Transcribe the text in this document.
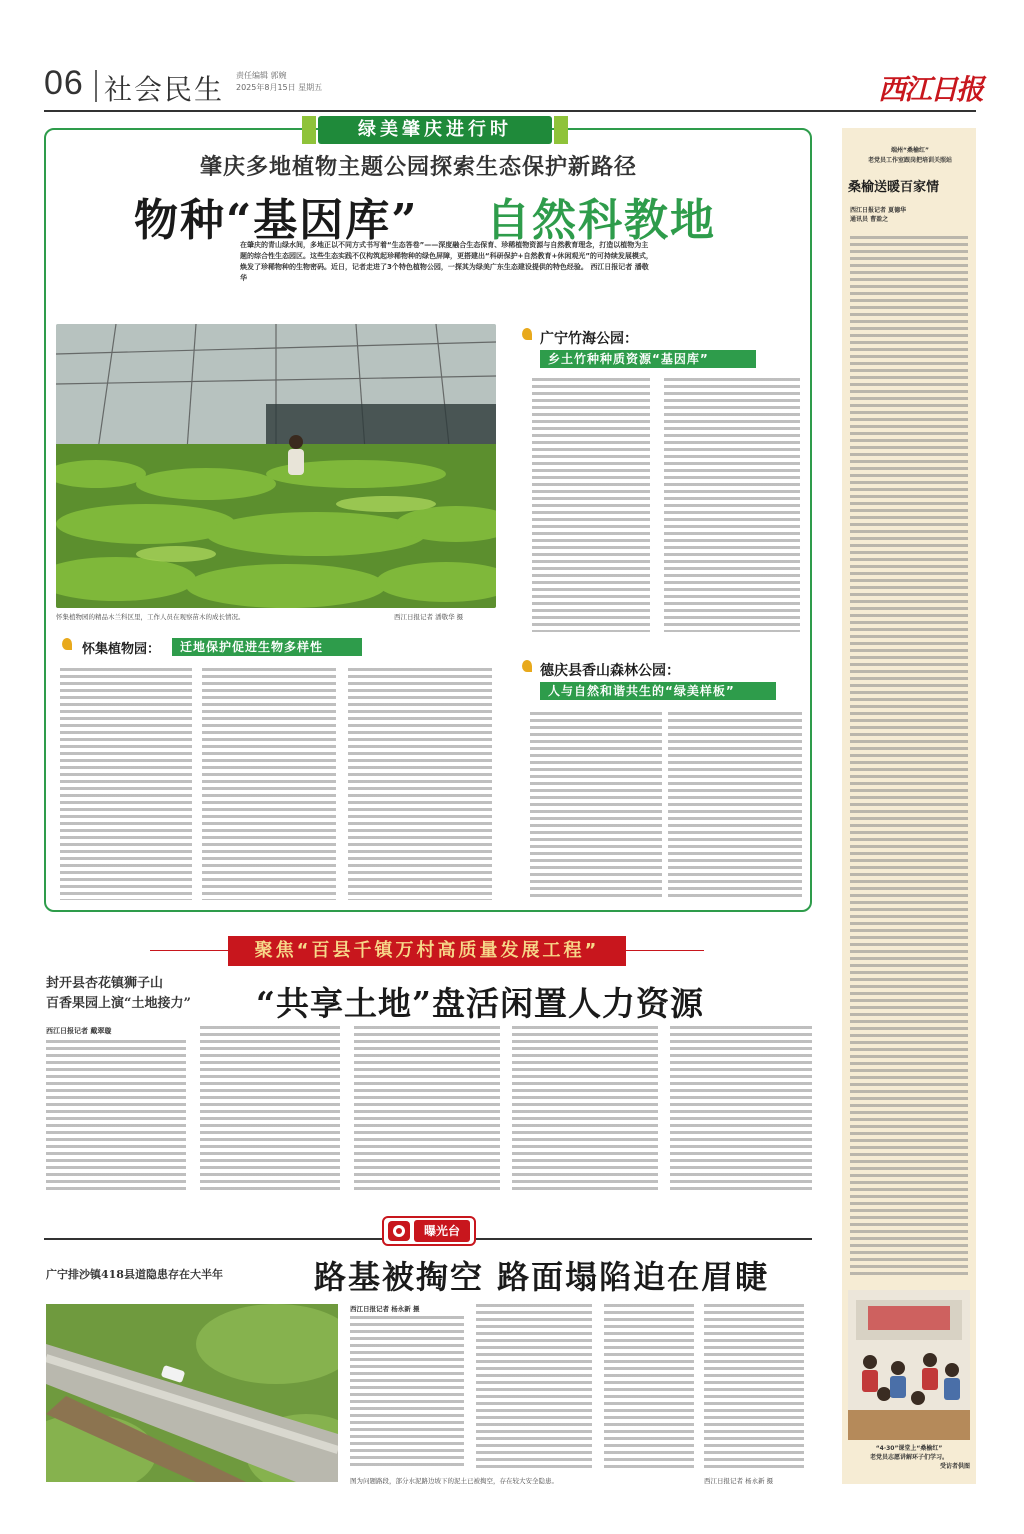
06 社会民生 责任编辑 郭婉
2025年8月15日 星期五	西江日报
绿美肇庆进行时
肇庆多地植物主题公园探索生态保护新路径
物种“基因库” 自然科教地
在肇庆的青山绿水间，多地正以不同方式书写着“生态答卷”——深度融合生态保育、珍稀植物资源与自然教育理念，打造以植物为主题的综合性生态园区。这些生态实践不仅构筑起珍稀物种的绿色屏障，更搭建出“科研保护+自然教育+休闲观光”的可持续发展模式，焕发了珍稀物种的生物密码。近日，记者走进了3个特色植物公园，一探其为绿美广东生态建设提供的特色经验。 西江日报记者 潘敬华
怀集植物园的精品木兰科区里，工作人员在观察苗木的成长情况。	西江日报记者 潘敬华 摄
广宁竹海公园：
乡土竹种种质资源“基因库”
怀集植物园：	迁地保护促进生物多样性
德庆县香山森林公园：
人与自然和谐共生的“绿美样板”
聚焦“百县千镇万村高质量发展工程”
封开县杏花镇狮子山
百香果园上演“土地接力” “共享土地”盘活闲置人力资源
西江日报记者 戴翠璇
曝光台
广宁排沙镇418县道隐患存在大半年	路基被掏空 路面塌陷迫在眉睫
西江日报记者 杨永新 摄
图为问题路段，部分水泥路边坡下的泥土已被掏空，存在较大安全隐患。	西江日报记者 杨永新 摄
端州“桑榆红”
老党员工作室跟岗把培训关照站
桑榆送暖百家情
西江日报记者 夏德华
通讯员 曹盈之
“4·30”课堂上“桑榆红”
老党员志愿讲解环子们学习。
受访者供图
